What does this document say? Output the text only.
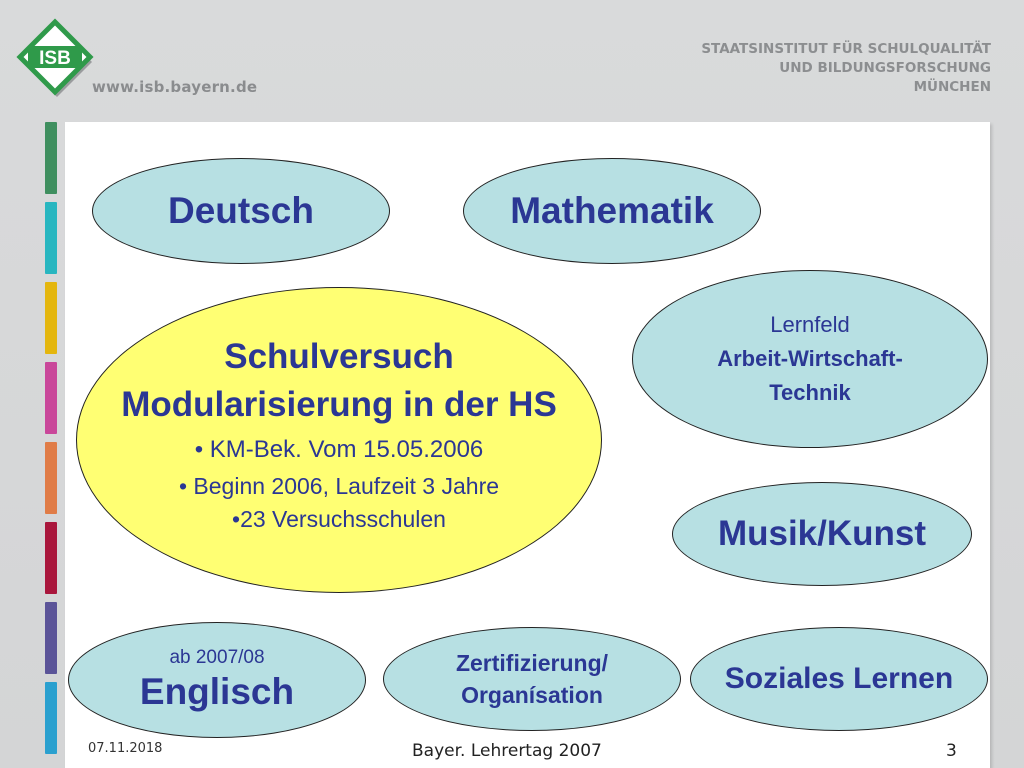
ISB
www.isb.bayern.de
STAATSINSTITUT FÜR SCHULQUALITÄT
UND BILDUNGSFORSCHUNG
MÜNCHEN
Deutsch	Mathematik
Lernfeld
Arbeit-Wirtschaft-
Technik
Schulversuch
Modularisierung in der HS
• KM-Bek. Vom 15.05.2006
• Beginn 2006, Laufzeit 3 Jahre
•23 Versuchsschulen	Musik/Kunst
ab 2007/08
Englisch
Zertifizierung/
Organísation	Soziales Lernen
07.11.2018	Bayer. Lehrertag 2007	3
